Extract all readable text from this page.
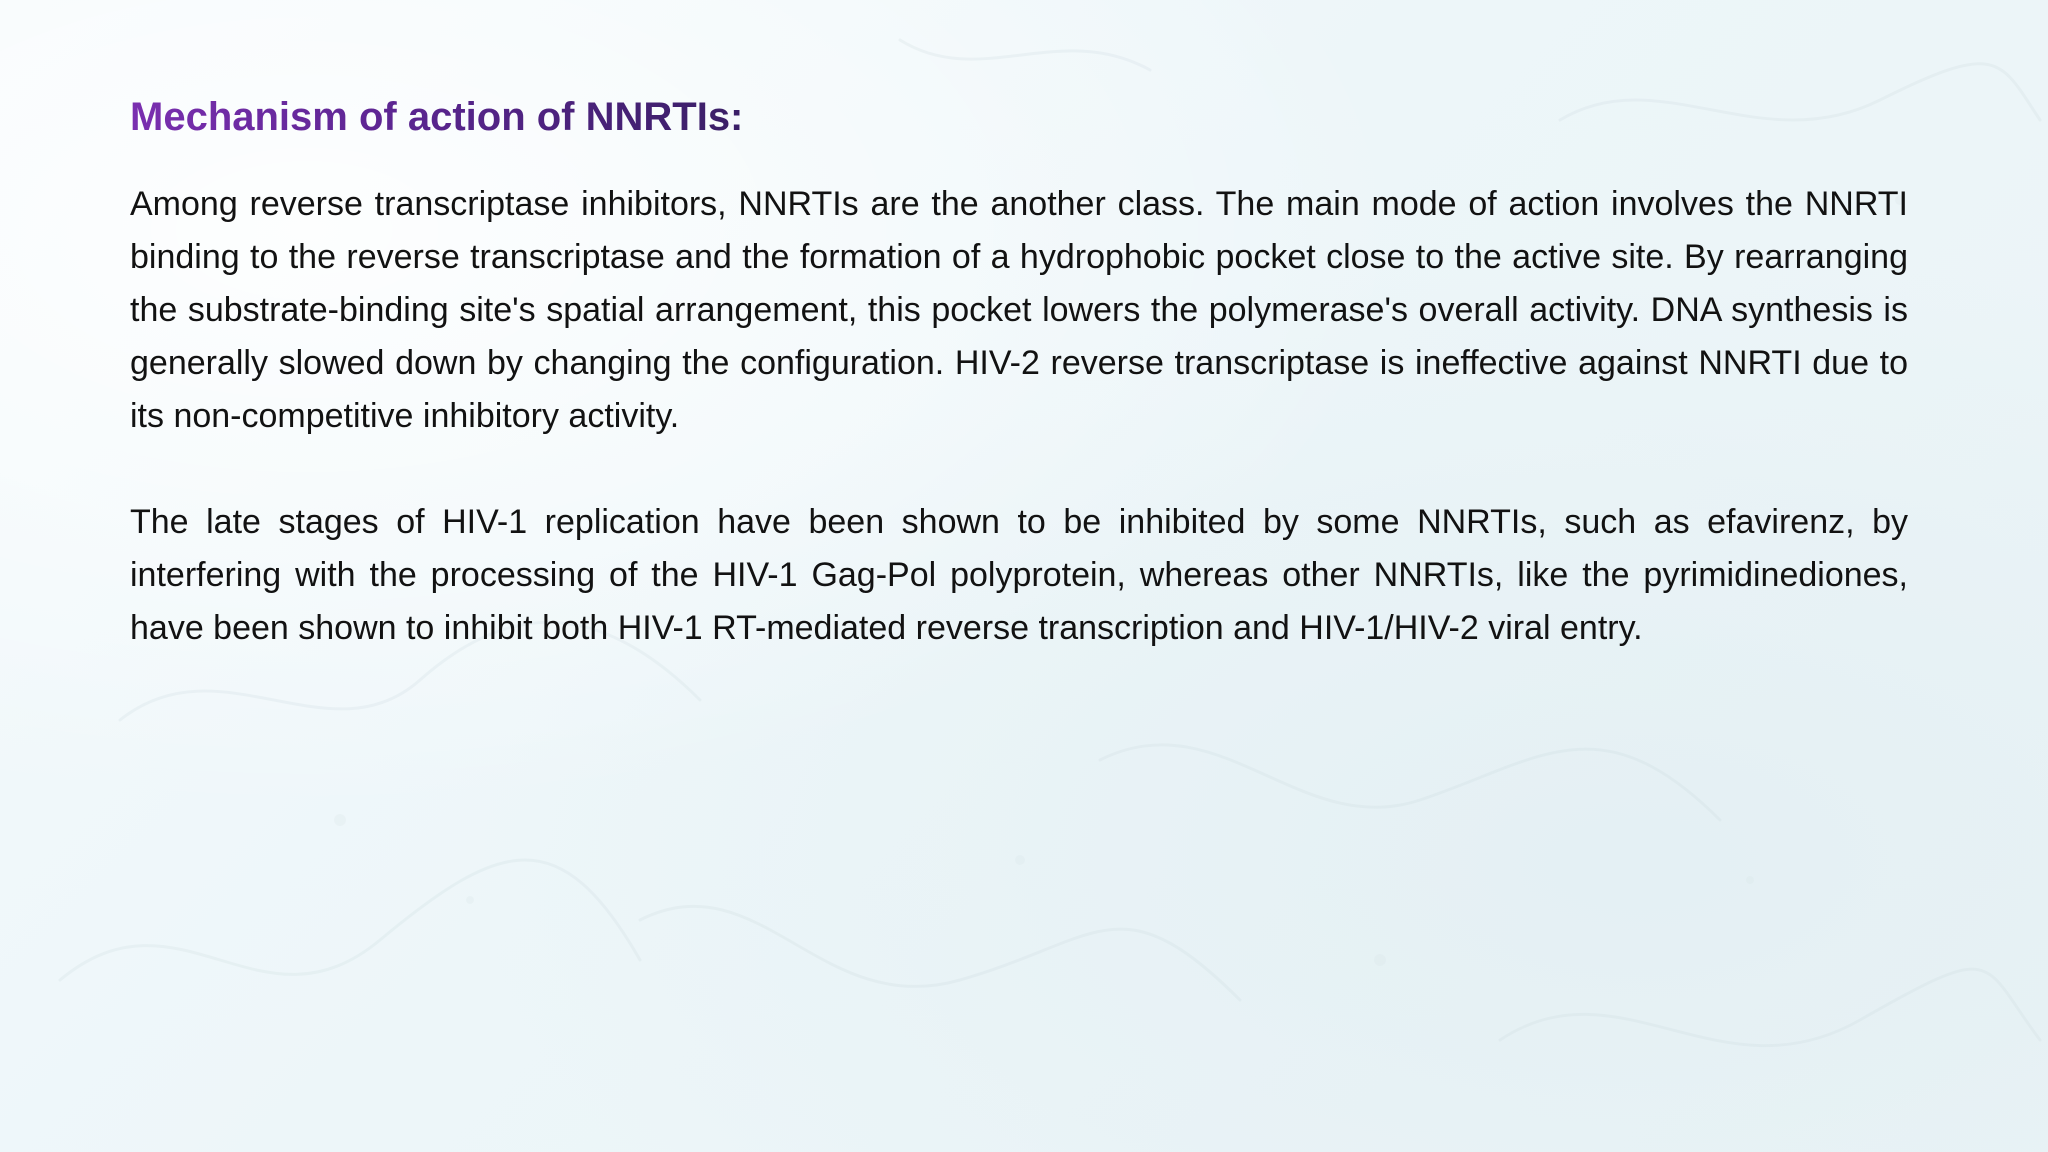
Mechanism of action of NNRTIs:

Among reverse transcriptase inhibitors, NNRTIs are the another class. The main mode of action involves the NNRTI binding to the reverse transcriptase and the formation of a hydrophobic pocket close to the active site. By rearranging the substrate-binding site's spatial arrangement, this pocket lowers the polymerase's overall activity. DNA synthesis is generally slowed down by changing the configuration. HIV-2 reverse transcriptase is ineffective against NNRTI due to its non-competitive inhibitory activity.

The late stages of HIV-1 replication have been shown to be inhibited by some NNRTIs, such as efavirenz, by interfering with the processing of the HIV-1 Gag-Pol polyprotein, whereas other NNRTIs, like the pyrimidinediones, have been shown to inhibit both HIV-1 RT-mediated reverse transcription and HIV-1/HIV-2 viral entry.
